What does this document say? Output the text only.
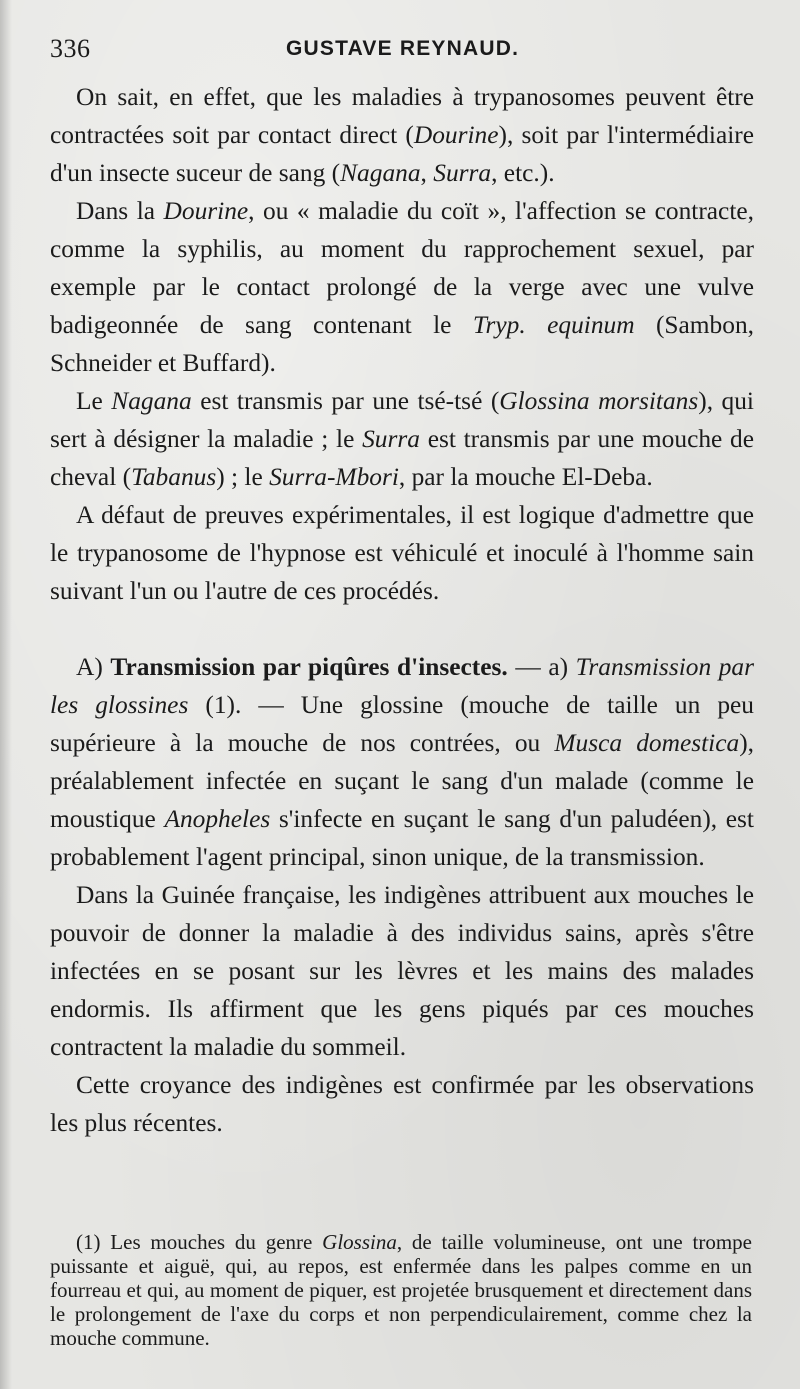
336	GUSTAVE REYNAUD.

On sait, en effet, que les maladies à trypanosomes peuvent être contractées soit par contact direct (Dourine), soit par l'intermédiaire d'un insecte suceur de sang (Nagana, Surra, etc.).

Dans la Dourine, ou « maladie du coït », l'affection se contracte, comme la syphilis, au moment du rapprochement sexuel, par exemple par le contact prolongé de la verge avec une vulve badigeonnée de sang contenant le Tryp. equinum (Sambon, Schneider et Buffard).

Le Nagana est transmis par une tsé-tsé (Glossina morsitans), qui sert à désigner la maladie ; le Surra est transmis par une mouche de cheval (Tabanus) ; le Surra-Mbori, par la mouche El-Deba.

A défaut de preuves expérimentales, il est logique d'admettre que le trypanosome de l'hypnose est véhiculé et inoculé à l'homme sain suivant l'un ou l'autre de ces procédés.

A) Transmission par piqûres d'insectes. — a) Transmission par les glossines (1). — Une glossine (mouche de taille un peu supérieure à la mouche de nos contrées, ou Musca domestica), préalablement infectée en suçant le sang d'un malade (comme le moustique Anopheles s'infecte en suçant le sang d'un paludéen), est probablement l'agent principal, sinon unique, de la transmission.

Dans la Guinée française, les indigènes attribuent aux mouches le pouvoir de donner la maladie à des individus sains, après s'être infectées en se posant sur les lèvres et les mains des malades endormis. Ils affirment que les gens piqués par ces mouches contractent la maladie du sommeil.

Cette croyance des indigènes est confirmée par les observations les plus récentes.

(1) Les mouches du genre Glossina, de taille volumineuse, ont une trompe puissante et aiguë, qui, au repos, est enfermée dans les palpes comme en un fourreau et qui, au moment de piquer, est projetée brusquement et directement dans le prolongement de l'axe du corps et non perpendiculairement, comme chez la mouche commune.
